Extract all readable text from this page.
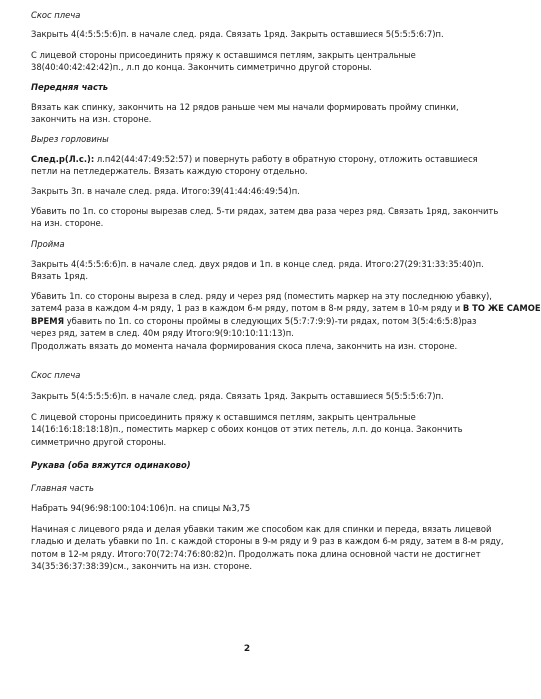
Скос плеча
Закрыть 4(4:5:5:5:6)п. в начале след. ряда. Связать 1ряд. Закрыть оставшиеся 5(5:5:5:6:7)п.
С лицевой стороны присоединить пряжу к оставшимся петлям, закрыть центральные
38(40:40:42:42:42)п., л.п до конца. Закончить симметрично другой стороны.
Передняя часть
Вязать как спинку, закончить на 12 рядов раньше чем мы начали формировать пройму спинки,
закончить на изн. стороне.
Вырез горловины
След.р(Л.с.): л.п42(44:47:49:52:57) и повернуть работу в обратную сторону, отложить оставшиеся
петли на петледержатель. Вязать каждую сторону отдельно.
Закрыть 3п. в начале след. ряда. Итого:39(41:44:46:49:54)п.
Убавить по 1п. со стороны вырезав след. 5-ти рядах, затем два раза через ряд. Связать 1ряд, закончить
на изн. стороне.
Пройма
Закрыть 4(4:5:5:6:6)п. в начале след. двух рядов и 1п. в конце след. ряда. Итого:27(29:31:33:35:40)п.
Вязать 1ряд.
Убавить 1п. со стороны выреза в след. ряду и через ряд (поместить маркер на эту последнюю убавку),
затем4 раза в каждом 4-м ряду, 1 раз в каждом 6-м ряду, потом в 8-м ряду, затем в 10-м ряду и В ТО ЖЕ САМОЕ
ВРЕМЯ убавить по 1п. со стороны проймы в следующих 5(5:7:7:9:9)-ти рядах, потом 3(5:4:6:5:8)раз
через ряд, затем в след. 40м ряду Итого:9(9:10:10:11:13)п.
Продолжать вязать до момента начала формирования скоса плеча, закончить на изн. стороне.
Скос плеча
Закрыть 5(4:5:5:5:6)п. в начале след. ряда. Связать 1ряд. Закрыть оставшиеся 5(5:5:5:6:7)п.
С лицевой стороны присоединить пряжу к оставшимся петлям, закрыть центральные
14(16:16:18:18:18)п., поместить маркер с обоих концов от этих петель, л.п. до конца. Закончить
симметрично другой стороны.
Рукава (оба вяжутся одинаково)
Главная часть
Набрать 94(96:98:100:104:106)п. на спицы №3,75
Начиная с лицевого ряда и делая убавки таким же способом как для спинки и переда, вязать лицевой
гладью и делать убавки по 1п. с каждой стороны в 9-м ряду и 9 раз в каждом 6-м ряду, затем в 8-м ряду,
потом в 12-м ряду. Итого:70(72:74:76:80:82)п. Продолжать пока длина основной части не достигнет
34(35:36:37:38:39)см., закончить на изн. стороне.
2
